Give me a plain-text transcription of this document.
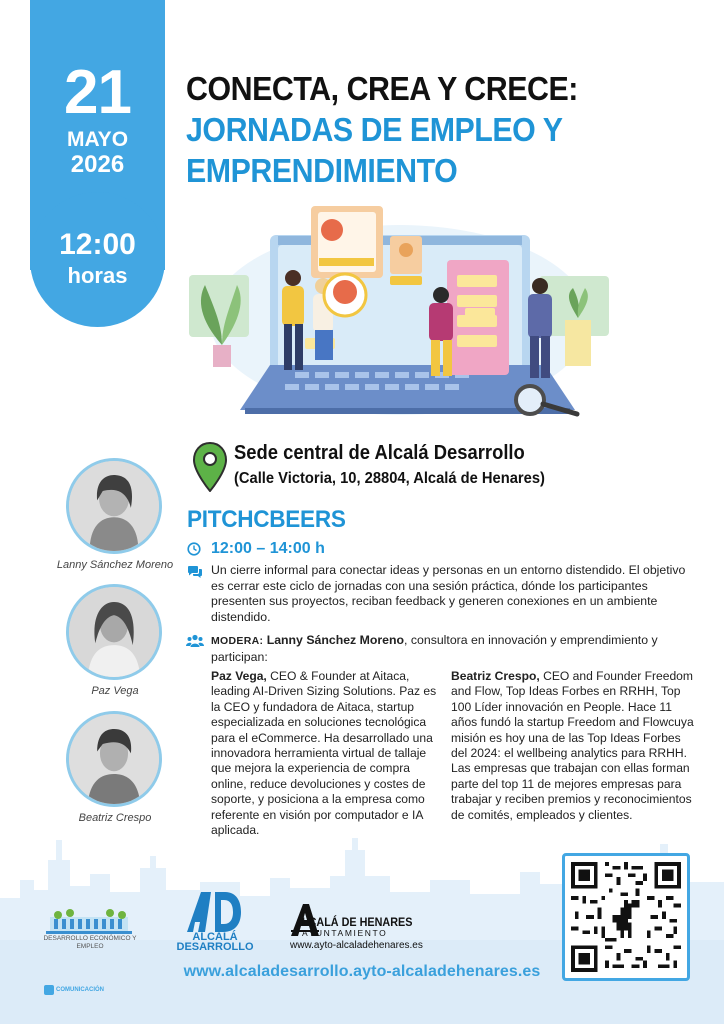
21
MAYO
2026
12:00
horas
CONECTA, CREA Y CRECE:
JORNADAS DE EMPLEO Y
EMPRENDIMIENTO
Sede central de Alcalá Desarrollo
(Calle Victoria, 10, 28804, Alcalá de Henares)
Lanny Sánchez Moreno
Paz Vega
Beatriz Crespo
PITCHCBEERS
12:00 – 14:00 h
Un cierre informal para conectar ideas y personas en un entorno distendido. El objetivo es cerrar este ciclo de jornadas con una sesión práctica, dónde los participantes presenten sus proyectos, reciban feedback y generen conexiones en un ambiente distendido.
MODERA: Lanny Sánchez Moreno, consultora en innovación y emprendimiento y participan:
Paz Vega, CEO & Founder at Aitaca, leading AI-Driven Sizing Solutions. Paz es la CEO y fundadora de Aitaca, startup especializada en soluciones tecnológica para el eCommerce. Ha desarrollado una innovadora herramienta virtual de tallaje que mejora la experiencia de compra online, reduce devoluciones y costes de soporte, y posiciona a la empresa como referente en visión por computador e IA aplicada.
Beatriz Crespo, CEO and Founder Freedom and Flow, Top Ideas Forbes en RRHH, Top 100 Líder innovación en People. Hace 11 años fundó la startup Freedom and Flowcuya misión es hoy una de las Top Ideas Forbes del 2024: el wellbeing analytics para RRHH. Las empresas que trabajan con ellas forman parte del top 11 de mejores empresas para trabajar y reciben premios y reconocimientos de comités, empleados y clientes.
DESARROLLO ECONÓMICO Y EMPLEO
ALCALÁ
DESARROLLO
LCALÁ DE HENARES
AYUNTAMIENTO
www.ayto-alcaladehenares.es
www.alcaladesarrollo.ayto-alcaladehenares.es
COMUNICACIÓN
